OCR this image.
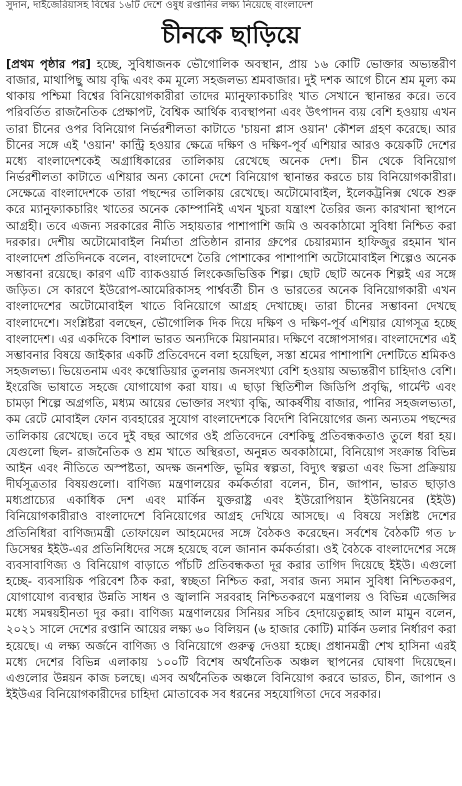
সুদান, দাইজেরিয়াসহ বিশ্বের ১৬টি দেশে ওষুধ রপ্তানির লক্ষ্য নিয়েছে বাংলাদেশ
চীনকে ছাড়িয়ে

[প্রথম পৃষ্ঠার পর] হচ্ছে, সুবিধাজনক ভৌগোলিক অবস্থান, প্রায় ১৬ কোটি ভোক্তার অভ্যন্তরীণ বাজার, মাথাপিছু আয় বৃদ্ধি এবং কম মূল্যে সহজলভ্য শ্রমবাজার। দুই দশক আগে চীনে শ্রম মূল্য কম থাকায় পশ্চিমা বিশ্বের বিনিয়োগকারীরা তাদের ম্যানুফ্যাকচারিং খাত সেখানে স্থানান্তর করে। তবে পরিবর্তিত রাজনৈতিক প্রেক্ষাপট, বৈশ্বিক আর্থিক ব্যবস্থাপনা এবং উৎপাদন ব্যয় বেশি হওয়ায় এখন তারা চীনের ওপর বিনিয়োগ নির্ভরশীলতা কাটাতে 'চায়না প্লাস ওয়ান' কৌশল গ্রহণ করেছে। আর চীনের সঙ্গে এই 'ওয়ান' কান্ট্রি হওয়ার ক্ষেত্রে দক্ষিণ ও দক্ষিণ-পূর্ব এশিয়ার আরও কয়েকটি দেশের মধ্যে বাংলাদেশকেই অগ্রাধিকারের তালিকায় রেখেছে অনেক দেশ। চীন থেকে বিনিয়োগ নির্ভরশীলতা কাটাতে এশিয়ার অন্য কোনো দেশে বিনিয়োগ স্থানান্তর করতে চায় বিনিয়োগকারীরা। সেক্ষেত্রে বাংলাদেশকে তারা পছন্দের তালিকায় রেখেছে। অটোমোবাইল, ইলেকট্রনিক্স থেকে শুরু করে ম্যানুফ্যাকচারিং খাতের অনেক কোম্পানিই এখন খুচরা যন্ত্রাংশ তৈরির জন্য কারখানা স্থাপনে আগ্রহী। তবে এজন্য সরকারের নীতি সহায়তার পাশাপাশি জমি ও অবকাঠামো সুবিধা নিশ্চিত করা দরকার। দেশীয় অটোমোবাইল নির্মাতা প্রতিষ্ঠান রানার গ্রুপের চেয়ারম্যান হাফিজুর রহমান খান বাংলাদেশ প্রতিদিনকে বলেন, বাংলাদেশে তৈরি পোশাকের পাশাপাশি অটোমোবাইল শিল্পেও অনেক সম্ভাবনা রয়েছে। কারণ এটি ব্যাকওয়ার্ড লিংকেজভিত্তিক শিল্প। ছোট ছোট অনেক শিল্পই এর সঙ্গে জড়িত। সে কারণে ইউরোপ-আমেরিকাসহ পার্শ্ববর্তী চীন ও ভারতের অনেক বিনিয়োগকারী এখন বাংলাদেশের অটোমোবাইল খাতে বিনিয়োগে আগ্রহ দেখাচ্ছে। তারা চীনের সম্ভাবনা দেখছে বাংলাদেশে। সংশ্লিষ্টরা বলছেন, ভৌগোলিক দিক দিয়ে দক্ষিণ ও দক্ষিণ-পূর্ব এশিয়ার যোগসূত্র হচ্ছে বাংলাদেশ। এর একদিকে বিশাল ভারত অন্যদিকে মিয়ানমার। দক্ষিণে বঙ্গোপসাগর। বাংলাদেশের এই সম্ভাবনার বিষয়ে জাইকার একটি প্রতিবেদনে বলা হয়েছিল, সস্তা শ্রমের পাশাপাশি দেশটিতে শ্রমিকও সহজলভ্য। ভিয়েতনাম এবং কম্বোডিয়ার তুলনায় জনসংখ্যা বেশি হওয়ায় অভ্যন্তরীণ চাহিদাও বেশি। ইংরেজি ভাষাতে সহজে যোগাযোগ করা যায়। এ ছাড়া স্থিতিশীল জিডিপি প্রবৃদ্ধি, গার্মেন্ট এবং চামড়া শিল্পে অগ্রগতি, মধ্যম আয়ের ভোক্তার সংখ্যা বৃদ্ধি, আকর্ষণীয় বাজার, পানির সহজলভ্যতা, কম রেটে মোবাইল ফোন ব্যবহারের সুযোগ বাংলাদেশকে বিদেশি বিনিয়োগের জন্য অন্যতম পছন্দের তালিকায় রেখেছে। তবে দুই বছর আগের ওই প্রতিবেদনে বেশকিছু প্রতিবন্ধকতাও তুলে ধরা হয়। যেগুলো ছিল- রাজনৈতিক ও শ্রম খাতে অস্থিরতা, অনুন্নত অবকাঠামো, বিনিয়োগ সংক্রান্ত বিভিন্ন আইন এবং নীতিতে অস্পষ্টতা, অদক্ষ জনশক্তি, ভূমির স্বল্পতা, বিদ্যুৎ স্বল্পতা এবং ভিসা প্রক্রিয়ায় দীর্ঘসূত্রতার বিষয়গুলো। বাণিজ্য মন্ত্রণালয়ের কর্মকর্তারা বলেন, চীন, জাপান, ভারত ছাড়াও মধ্যপ্রাচ্যের একাধিক দেশ এবং মার্কিন যুক্তরাষ্ট্র এবং ইউরোপিয়ান ইউনিয়নের (ইইউ) বিনিয়োগকারীরাও বাংলাদেশে বিনিয়োগের আগ্রহ দেখিয়ে আসছে। এ বিষয়ে সংশ্লিষ্ট দেশের প্রতিনিধিরা বাণিজ্যমন্ত্রী তোফায়েল আহমেদের সঙ্গে বৈঠকও করেছেন। সর্বশেষ বৈঠকটি গত ৮ ডিসেম্বর ইইউ-এর প্রতিনিধিদের সঙ্গে হয়েছে বলে জানান কর্মকর্তারা। ওই বৈঠকে বাংলাদেশের সঙ্গে ব্যবসাবাণিজ্য ও বিনিয়োগ বাড়াতে পাঁচটি প্রতিবন্ধকতা দূর করার তাগিদ দিয়েছে ইইউ। এগুলো হচ্ছে- ব্যবসায়িক পরিবেশ ঠিক করা, স্বচ্ছতা নিশ্চিত করা, সবার জন্য সমান সুবিধা নিশ্চিতকরণ, যোগাযোগ ব্যবস্থার উন্নতি সাধন ও জ্বালানি সরবরাহ নিশ্চিতকরণে মন্ত্রণালয় ও বিভিন্ন এজেন্সির মধ্যে সমন্বয়হীনতা দূর করা। বাণিজ্য মন্ত্রণালয়ের সিনিয়র সচিব হেদায়েতুল্লাহ আল মামুন বলেন, ২০২১ সালে দেশের রপ্তানি আয়ের লক্ষ্য ৬০ বিলিয়ন (৬ হাজার কোটি) মার্কিন ডলার নির্ধারণ করা হয়েছে। এ লক্ষ্য অর্জনে বাণিজ্য ও বিনিয়োগে গুরুত্ব দেওয়া হচ্ছে। প্রধানমন্ত্রী শেখ হাসিনা এরই মধ্যে দেশের বিভিন্ন এলাকায় ১০০টি বিশেষ অর্থনৈতিক অঞ্চল স্থাপনের ঘোষণা দিয়েছেন। এগুলোর উন্নয়ন কাজ চলছে। এসব অর্থনৈতিক অঞ্চলে বিনিয়োগ করবে ভারত, চীন, জাপান ও ইইউএর বিনিয়োগকারীদের চাহিদা মোতাবেক সব ধরনের সহযোগিতা দেবে সরকার।
